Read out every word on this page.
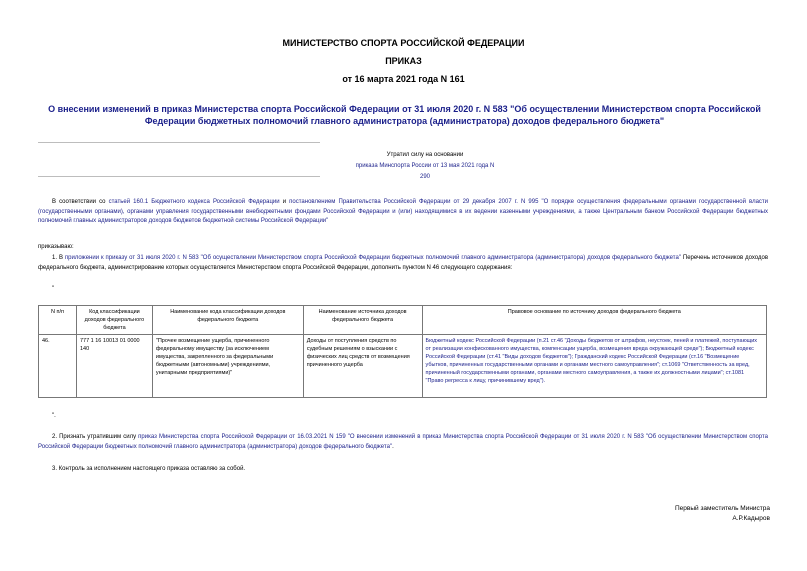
МИНИСТЕРСТВО СПОРТА РОССИЙСКОЙ ФЕДЕРАЦИИ
ПРИКАЗ
от 16 марта 2021 года N 161
О внесении изменений в приказ Министерства спорта Российской Федерации от 31 июля 2020 г. N 583 "Об осуществлении Министерством спорта Российской Федерации бюджетных полномочий главного администратора (администратора) доходов федерального бюджета"
Утратил силу на основании
приказа Минспорта России от 13 мая 2021 года N 290
В соответствии со статьей 160.1 Бюджетного кодекса Российской Федерации и постановлением Правительства Российской Федерации от 29 декабря 2007 г. N 995 "О порядке осуществления федеральными органами государственной власти (государственными органами), органами управления государственными внебюджетными фондами Российской Федерации и (или) находящимися в их ведении казенными учреждениями, а также Центральным банком Российской Федерации бюджетных полномочий главных администраторов доходов бюджетов бюджетной системы Российской Федерации"
приказываю:
1. В приложении к приказу от 31 июля 2020 г. N 583 "Об осуществлении Министерством спорта Российской Федерации бюджетных полномочий главного администратора (администратора) доходов федерального бюджета" Перечень источников доходов федерального бюджета, администрирование которых осуществляется Министерством спорта Российской Федерации, дополнить пунктом N 46 следующего содержания:
"
N п/п	Код классификации доходов федерального бюджета	Наименование кода классификации доходов федерального бюджета	Наименование источника доходов федерального бюджета	Правовое основание по источнику доходов федерального бюджета
46.	777 1 16 10013 01 0000 140	"Прочее возмещение ущерба, причиненного федеральному имуществу (за исключением имущества, закрепленного за федеральными бюджетными (автономными) учреждениями, унитарными предприятиями)"	Доходы от поступления средств по судебным решениям о взыскании с физических лиц средств от возмещения причиненного ущерба	Бюджетный кодекс Российской Федерации (п.21 ст.46 "Доходы бюджетов от штрафов, неустоек, пеней и платежей, поступающих от реализации конфискованного имущества, компенсации ущерба, возмещения вреда окружающей среде"); Бюджетный кодекс Российской Федерации (ст.41 "Виды доходов бюджетов"); Гражданский кодекс Российской Федерации (ст.16 "Возмещение убытков, причиненных государственными органами и органами местного самоуправления"; ст.1069 "Ответственность за вред, причиненный государственными органами, органами местного самоуправления, а также их должностными лицами"; ст.1081 "Право регресса к лицу, причинившему вред").
".
2. Признать утратившим силу приказ Министерства спорта Российской Федерации от 16.03.2021 N 159 "О внесении изменений в приказ Министерства спорта Российской Федерации от 31 июля 2020 г. N 583 "Об осуществлении Министерством спорта Российской Федерации бюджетных полномочий главного администратора (администратора) доходов федерального бюджета".
3. Контроль за исполнением настоящего приказа оставляю за собой.
Первый заместитель Министра
А.Р.Кадыров
